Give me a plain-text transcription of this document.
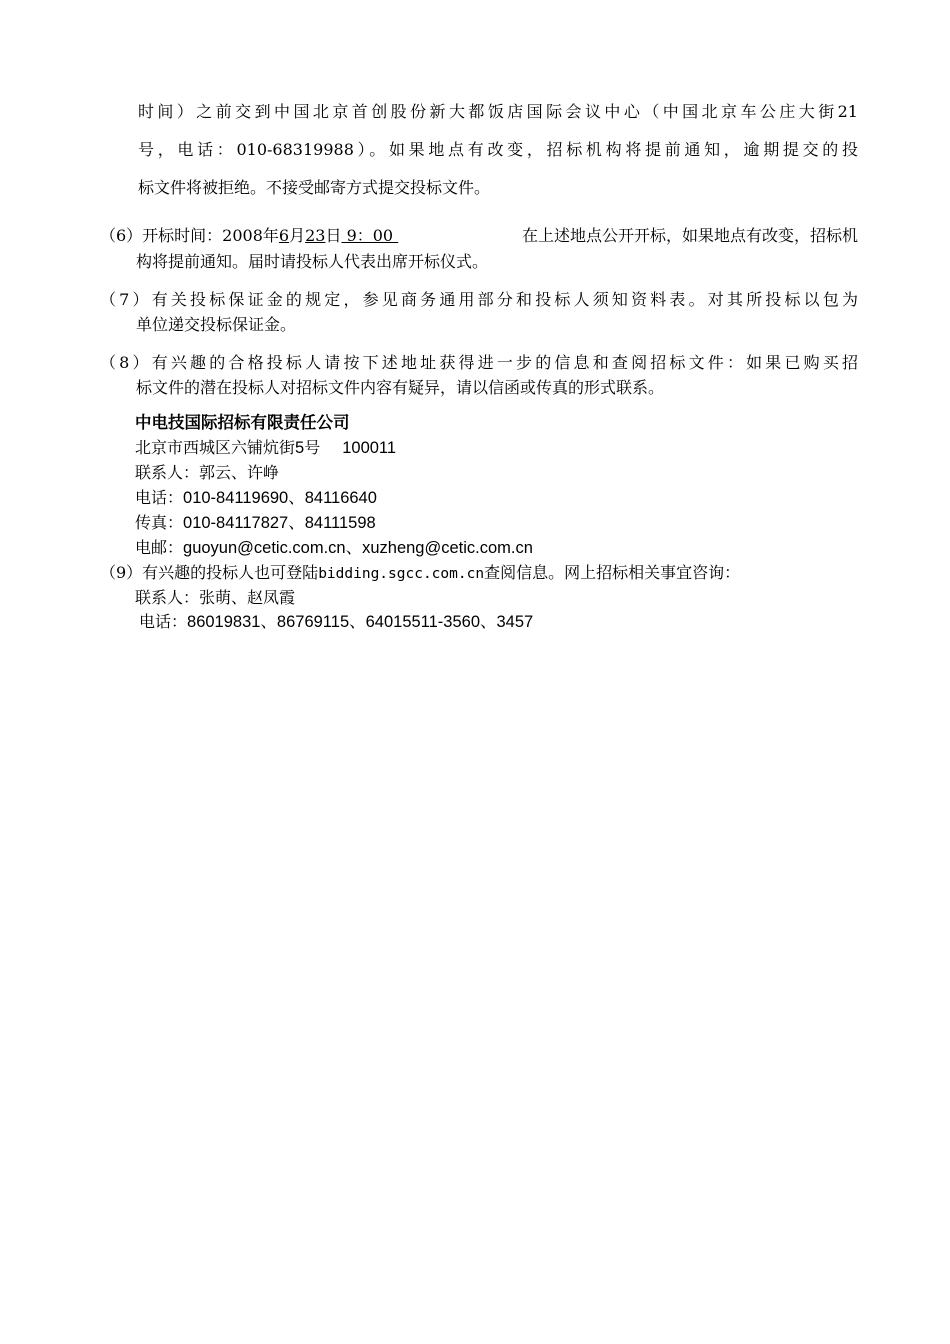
时间）之前交到中国北京首创股份新大都饭店国际会议中心（中国北京车公庄大街21
号，电话：010-68319988）。如果地点有改变，招标机构将提前通知，逾期提交的投
标文件将被拒绝。不接受邮寄方式提交投标文件。
（6）开标时间：2008年6月23日 9：00	在上述地点公开开标，如果地点有改变，招标机
构将提前通知。届时请投标人代表出席开标仪式。
（7）有关投标保证金的规定，参见商务通用部分和投标人须知资料表。对其所投标以包为
单位递交投标保证金。
（8）有兴趣的合格投标人请按下述地址获得进一步的信息和查阅招标文件：如果已购买招
标文件的潜在投标人对招标文件内容有疑异，请以信函或传真的形式联系。
中电技国际招标有限责任公司
北京市西城区六铺炕街5号 100011
联系人：郭云、许峥
电话：010-84119690、84116640
传真：010-84117827、84111598
电邮：guoyun@cetic.com.cn、xuzheng@cetic.com.cn
（9）有兴趣的投标人也可登陆bidding.sgcc.com.cn查阅信息。网上招标相关事宜咨询：
联系人：张萌、赵凤霞
电话：86019831、86769115、64015511-3560、3457
